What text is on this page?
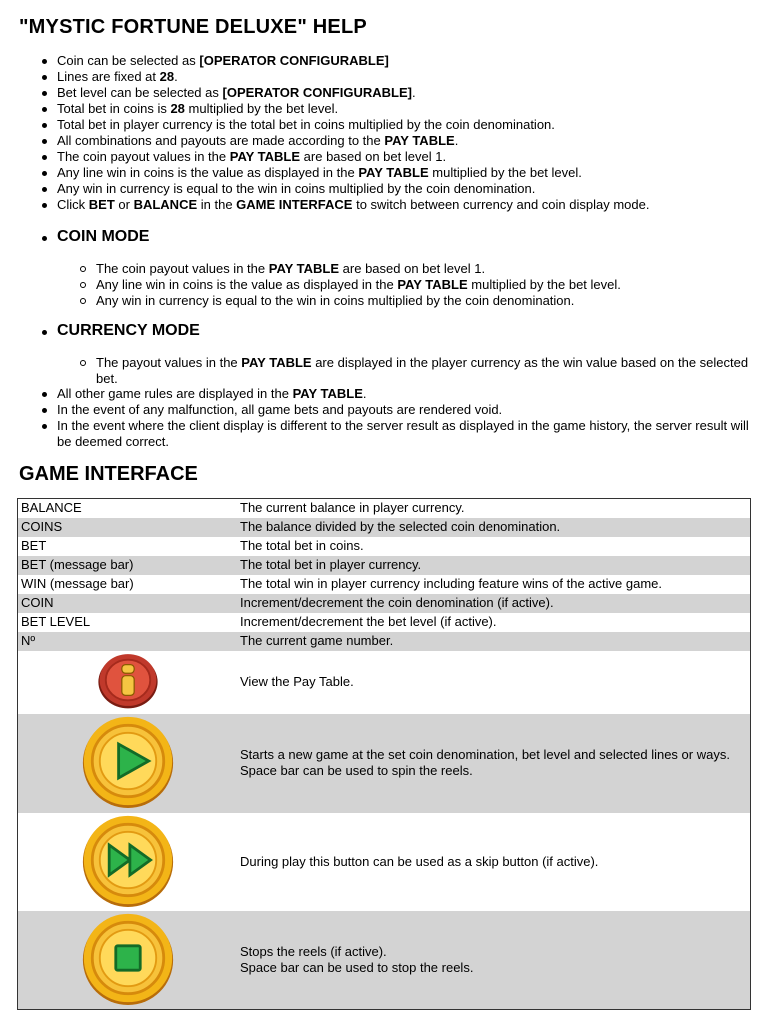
"MYSTIC FORTUNE DELUXE" HELP
Coin can be selected as [OPERATOR CONFIGURABLE]
Lines are fixed at 28.
Bet level can be selected as [OPERATOR CONFIGURABLE].
Total bet in coins is 28 multiplied by the bet level.
Total bet in player currency is the total bet in coins multiplied by the coin denomination.
All combinations and payouts are made according to the PAY TABLE.
The coin payout values in the PAY TABLE are based on bet level 1.
Any line win in coins is the value as displayed in the PAY TABLE multiplied by the bet level.
Any win in currency is equal to the win in coins multiplied by the coin denomination.
Click BET or BALANCE in the GAME INTERFACE to switch between currency and coin display mode.
COIN MODE
The coin payout values in the PAY TABLE are based on bet level 1.
Any line win in coins is the value as displayed in the PAY TABLE multiplied by the bet level.
Any win in currency is equal to the win in coins multiplied by the coin denomination.
CURRENCY MODE
The payout values in the PAY TABLE are displayed in the player currency as the win value based on the selected bet.
All other game rules are displayed in the PAY TABLE.
In the event of any malfunction, all game bets and payouts are rendered void.
In the event where the client display is different to the server result as displayed in the game history, the server result will be deemed correct.
GAME INTERFACE
BALANCE	The current balance in player currency.
COINS	The balance divided by the selected coin denomination.
BET	The total bet in coins.
BET (message bar)	The total bet in player currency.
WIN (message bar)	The total win in player currency including feature wins of the active game.
COIN	Increment/decrement the coin denomination (if active).
BET LEVEL	Increment/decrement the bet level (if active).
Nº	The current game number.

View the Pay Table.

Starts a new game at the set coin denomination, bet level and selected lines or ways.
Space bar can be used to spin the reels.

During play this button can be used as a skip button (if active).

Stops the reels (if active).
Space bar can be used to stop the reels.
